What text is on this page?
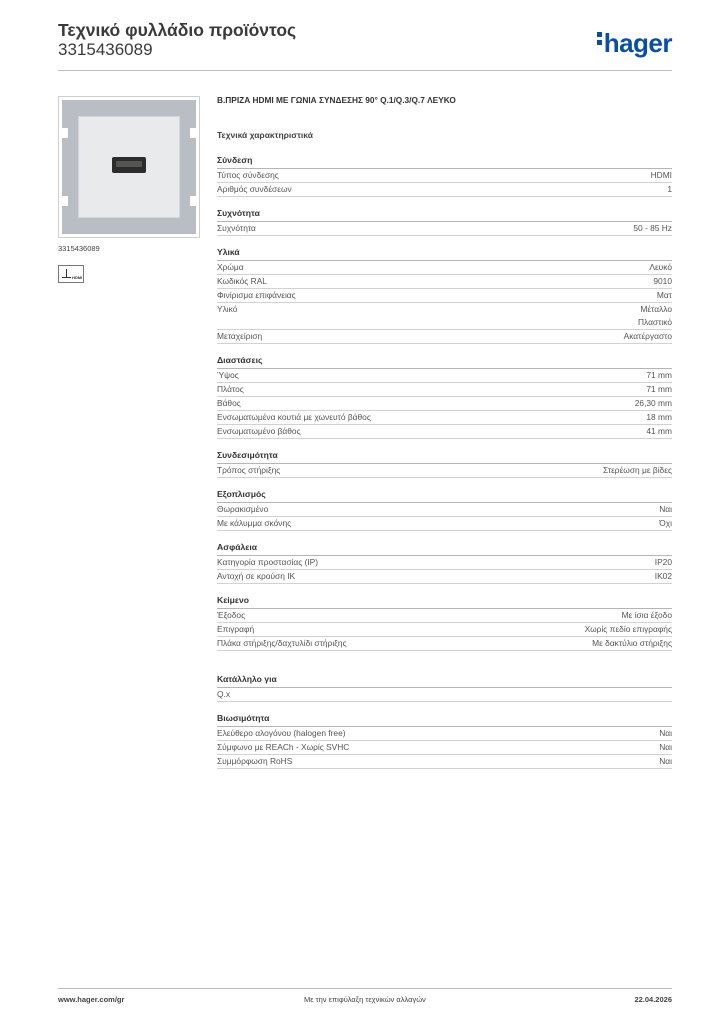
Τεχνικό φυλλάδιο προϊόντος
3315436089	hager
3315436089
HDMI
B.ΠΡΙΖΑ HDMI ΜΕ ΓΩΝΙΑ ΣΥΝΔΕΣΗΣ 90° Q.1/Q.3/Q.7 ΛΕΥΚΟ
Τεχνικά χαρακτηριστικά
Σύνδεση
Τύπος σύνδεσης	HDMI
Αριθμός συνδέσεων	1
Συχνότητα
Συχνότητα	50 - 85 Hz
Υλικά
Χρώμα	Λευκό
Κωδικός RAL	9010
Φινίρισμα επιφάνειας	Ματ
Υλικό	Μέταλλο
Πλαστικό
Μεταχείριση	Ακατέργαστο
Διαστάσεις
Ύψος	71 mm
Πλάτος	71 mm
Βάθος	26,30 mm
Ενσωματωμένα κουτιά με χωνευτό βάθος	18 mm
Ενσωματωμένο βάθος	41 mm
Συνδεσιμότητα
Τρόπος στήριξης	Στερέωση με βίδες
Εξοπλισμός
Θωρακισμένο	Ναι
Με κάλυμμα σκόνης	Όχι
Ασφάλεια
Κατηγορία προστασίας (IP)	IP20
Αντοχή σε κρούση IK	IK02
Κείμενο
Έξοδος	Με ίσια έξοδο
Επιγραφή	Χωρίς πεδίο επιγραφής
Πλάκα στήριξης/δαχτυλίδι στήριξης	Με δακτύλιο στήριξης
Κατάλληλο για
Q.x
Βιωσιμότητα
Ελεύθερο αλογόνου (halogen free)	Ναι
Σύμφωνο με REACh - Χωρίς SVHC	Ναι
Συμμόρφωση RoHS	Ναι
www.hager.com/gr	Με την επιφύλαξη τεχνικών αλλαγών	22.04.2026
